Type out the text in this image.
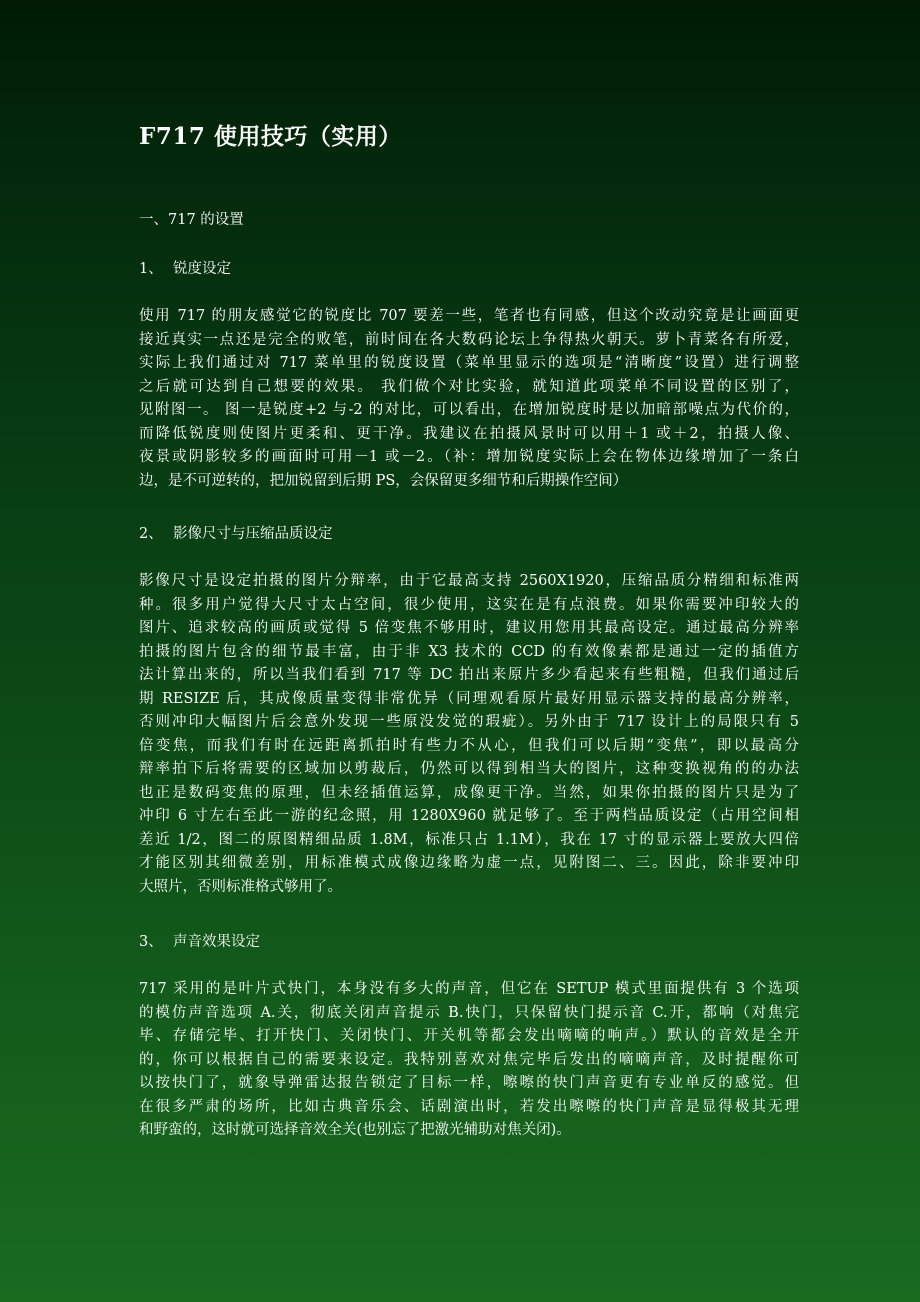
F717 使用技巧（实用）

一、717 的设置

1、 锐度设定

使用 717 的朋友感觉它的锐度比 707 要差一些，笔者也有同感，但这个改动究竟是让画面更
接近真实一点还是完全的败笔，前时间在各大数码论坛上争得热火朝天。萝卜青菜各有所爱，
实际上我们通过对 717 菜单里的锐度设置（菜单里显示的选项是“清晰度”设置）进行调整
之后就可达到自己想要的效果。 我们做个对比实验，就知道此项菜单不同设置的区别了，
见附图一。 图一是锐度+2 与-2 的对比，可以看出，在增加锐度时是以加暗部噪点为代价的，
而降低锐度则使图片更柔和、更干净。我建议在拍摄风景时可以用＋1 或＋2，拍摄人像、
夜景或阴影较多的画面时可用－1 或－2。（补：增加锐度实际上会在物体边缘增加了一条白
边，是不可逆转的，把加锐留到后期 PS，会保留更多细节和后期操作空间）

2、 影像尺寸与压缩品质设定

影像尺寸是设定拍摄的图片分辩率，由于它最高支持 2560X1920，压缩品质分精细和标准两
种。很多用户觉得大尺寸太占空间，很少使用，这实在是有点浪费。如果你需要冲印较大的
图片、追求较高的画质或觉得 5 倍变焦不够用时，建议用您用其最高设定。通过最高分辨率
拍摄的图片包含的细节最丰富，由于非 X3 技术的 CCD 的有效像素都是通过一定的插值方
法计算出来的，所以当我们看到 717 等 DC 拍出来原片多少看起来有些粗糙，但我们通过后
期 RESIZE 后，其成像质量变得非常优异（同理观看原片最好用显示器支持的最高分辨率，
否则冲印大幅图片后会意外发现一些原没发觉的瑕疵）。另外由于 717 设计上的局限只有 5
倍变焦，而我们有时在远距离抓拍时有些力不从心，但我们可以后期“变焦”，即以最高分
辩率拍下后将需要的区域加以剪裁后，仍然可以得到相当大的图片，这种变换视角的的办法
也正是数码变焦的原理，但未经插值运算，成像更干净。当然，如果你拍摄的图片只是为了
冲印 6 寸左右至此一游的纪念照，用 1280X960 就足够了。至于两档品质设定（占用空间相
差近 1/2，图二的原图精细品质 1.8M，标准只占 1.1M），我在 17 寸的显示器上要放大四倍
才能区别其细微差别，用标准模式成像边缘略为虚一点，见附图二、三。因此，除非要冲印
大照片，否则标准格式够用了。

3、 声音效果设定

717 采用的是叶片式快门，本身没有多大的声音，但它在 SETUP 模式里面提供有 3 个选项
的模仿声音选项 A.关，彻底关闭声音提示 B.快门，只保留快门提示音 C.开，都响（对焦完
毕、存储完毕、打开快门、关闭快门、开关机等都会发出嘀嘀的响声。）默认的音效是全开
的，你可以根据自己的需要来设定。我特别喜欢对焦完毕后发出的嘀嘀声音，及时提醒你可
以按快门了，就象导弹雷达报告锁定了目标一样，嚓嚓的快门声音更有专业单反的感觉。但
在很多严肃的场所，比如古典音乐会、话剧演出时，若发出嚓嚓的快门声音是显得极其无理
和野蛮的，这时就可选择音效全关(也别忘了把激光辅助对焦关闭)。
